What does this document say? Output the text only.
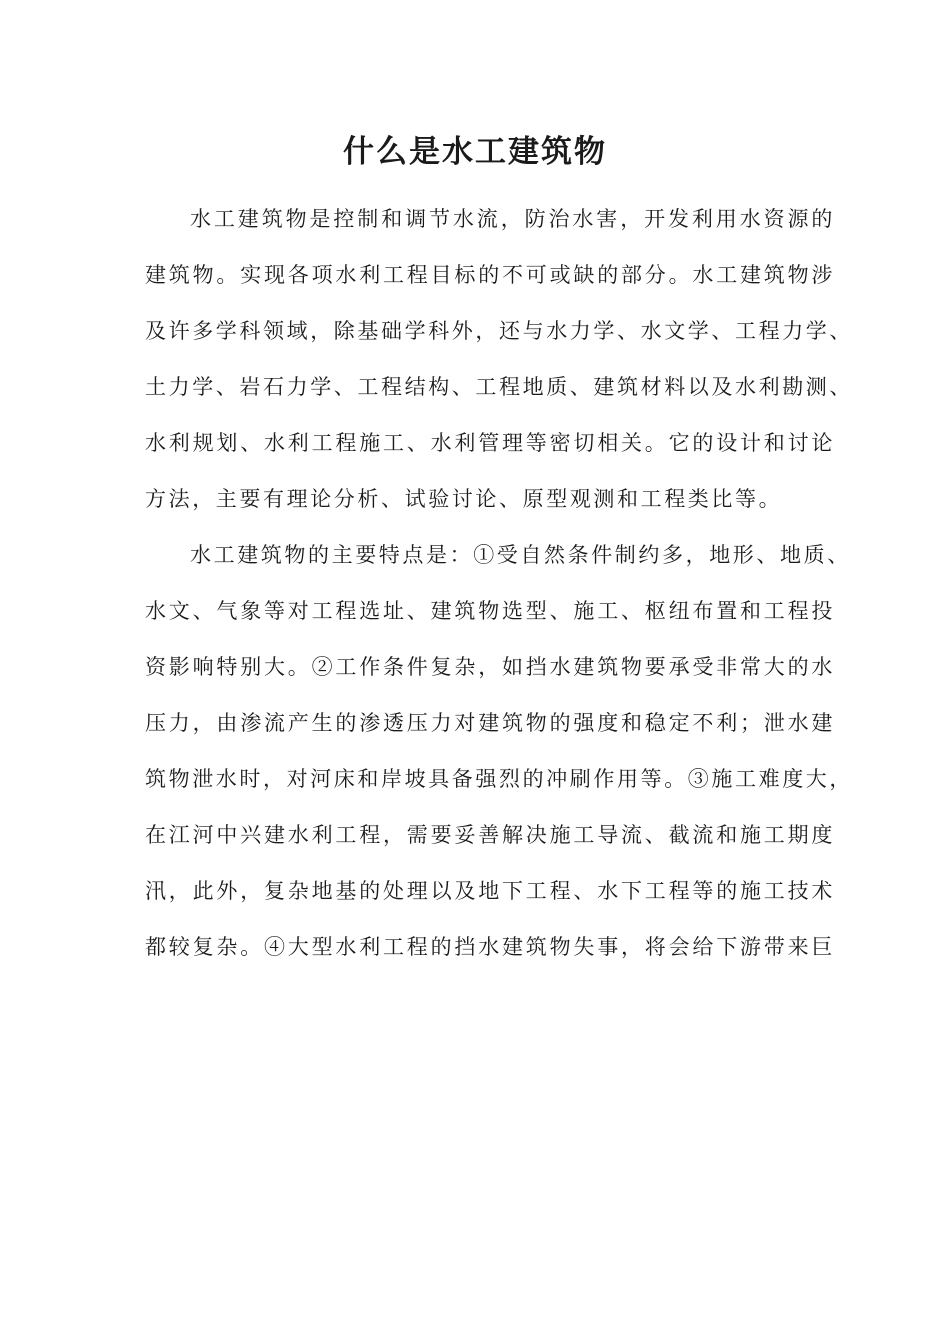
什么是水工建筑物
水工建筑物是控制和调节水流，防治水害，开发利用水资源的
建筑物。实现各项水利工程目标的不可或缺的部分。水工建筑物涉
及许多学科领域，除基础学科外，还与水力学、水文学、工程力学、
土力学、岩石力学、工程结构、工程地质、建筑材料以及水利勘测、
水利规划、水利工程施工、水利管理等密切相关。它的设计和讨论
方法，主要有理论分析、试验讨论、原型观测和工程类比等。
水工建筑物的主要特点是：①受自然条件制约多，地形、地质、
水文、气象等对工程选址、建筑物选型、施工、枢纽布置和工程投
资影响特别大。②工作条件复杂，如挡水建筑物要承受非常大的水
压力，由渗流产生的渗透压力对建筑物的强度和稳定不利；泄水建
筑物泄水时，对河床和岸坡具备强烈的冲刷作用等。③施工难度大，
在江河中兴建水利工程，需要妥善解决施工导流、截流和施工期度
汛，此外，复杂地基的处理以及地下工程、水下工程等的施工技术
都较复杂。④大型水利工程的挡水建筑物失事，将会给下游带来巨
